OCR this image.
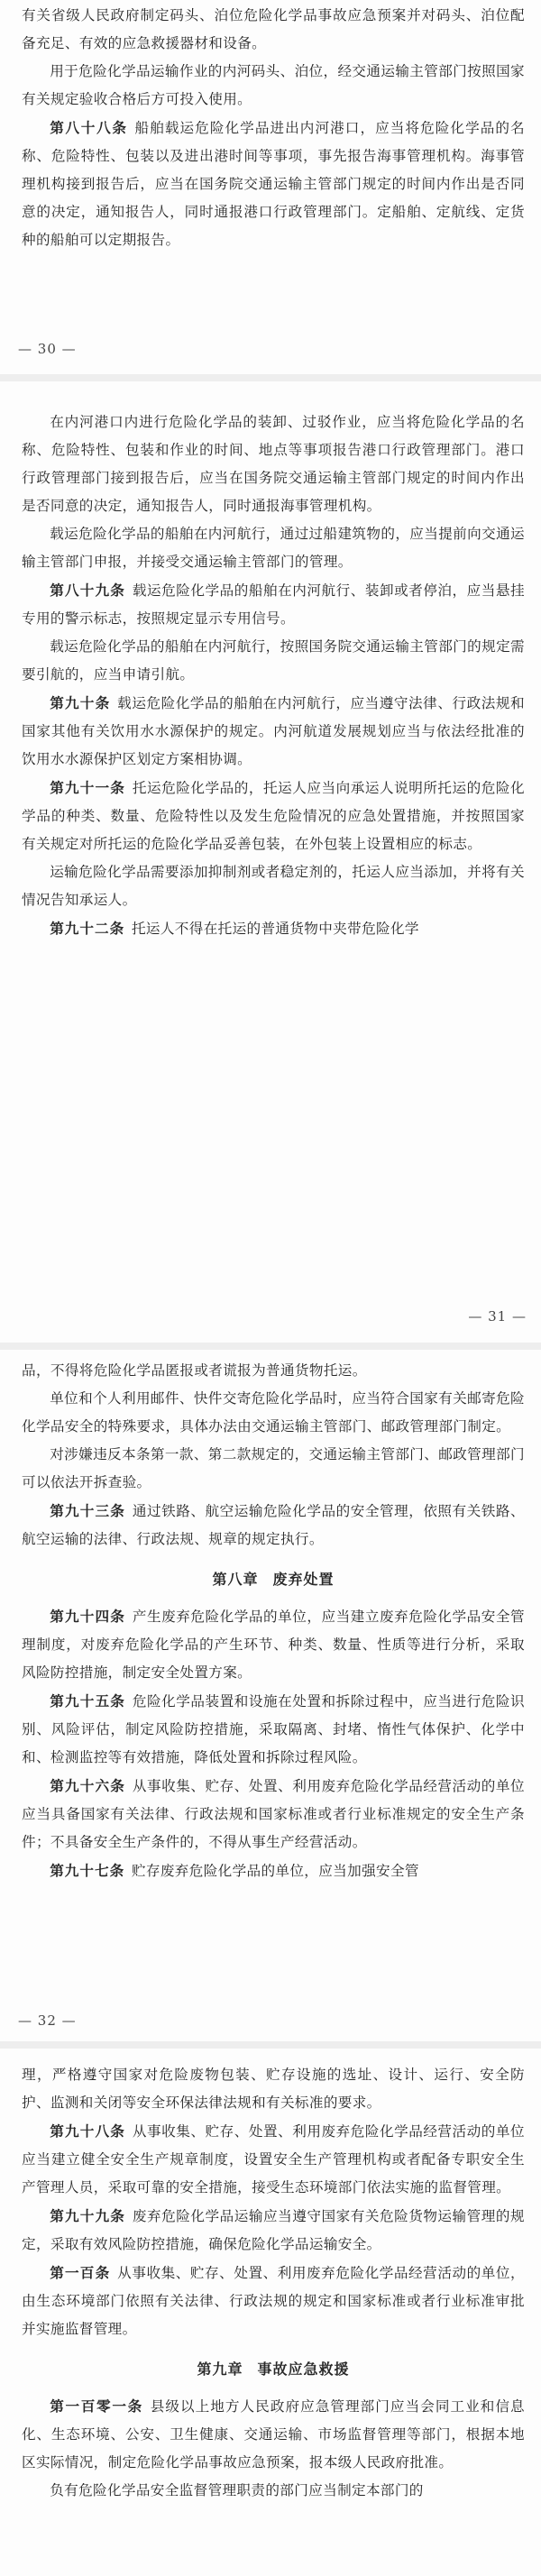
有关省级人民政府制定码头、泊位危险化学品事故应急预案并对码头、泊位配备充足、有效的应急救援器材和设备。

用于危险化学品运输作业的内河码头、泊位，经交通运输主管部门按照国家有关规定验收合格后方可投入使用。

第八十八条 船舶载运危险化学品进出内河港口，应当将危险化学品的名称、危险特性、包装以及进出港时间等事项，事先报告海事管理机构。海事管理机构接到报告后，应当在国务院交通运输主管部门规定的时间内作出是否同意的决定，通知报告人，同时通报港口行政管理部门。定船舶、定航线、定货种的船舶可以定期报告。

— 30 —

在内河港口内进行危险化学品的装卸、过驳作业，应当将危险化学品的名称、危险特性、包装和作业的时间、地点等事项报告港口行政管理部门。港口行政管理部门接到报告后，应当在国务院交通运输主管部门规定的时间内作出是否同意的决定，通知报告人，同时通报海事管理机构。

载运危险化学品的船舶在内河航行，通过过船建筑物的，应当提前向交通运输主管部门申报，并接受交通运输主管部门的管理。

第八十九条 载运危险化学品的船舶在内河航行、装卸或者停泊，应当悬挂专用的警示标志，按照规定显示专用信号。

载运危险化学品的船舶在内河航行，按照国务院交通运输主管部门的规定需要引航的，应当申请引航。

第九十条 载运危险化学品的船舶在内河航行，应当遵守法律、行政法规和国家其他有关饮用水水源保护的规定。内河航道发展规划应当与依法经批准的饮用水水源保护区划定方案相协调。

第九十一条 托运危险化学品的，托运人应当向承运人说明所托运的危险化学品的种类、数量、危险特性以及发生危险情况的应急处置措施，并按照国家有关规定对所托运的危险化学品妥善包装，在外包装上设置相应的标志。

运输危险化学品需要添加抑制剂或者稳定剂的，托运人应当添加，并将有关情况告知承运人。

第九十二条 托运人不得在托运的普通货物中夹带危险化学

— 31 —

品，不得将危险化学品匿报或者谎报为普通货物托运。

单位和个人利用邮件、快件交寄危险化学品时，应当符合国家有关邮寄危险化学品安全的特殊要求，具体办法由交通运输主管部门、邮政管理部门制定。

对涉嫌违反本条第一款、第二款规定的，交通运输主管部门、邮政管理部门可以依法开拆查验。

第九十三条 通过铁路、航空运输危险化学品的安全管理，依照有关铁路、航空运输的法律、行政法规、规章的规定执行。

第八章 废弃处置

第九十四条 产生废弃危险化学品的单位，应当建立废弃危险化学品安全管理制度，对废弃危险化学品的产生环节、种类、数量、性质等进行分析，采取风险防控措施，制定安全处置方案。

第九十五条 危险化学品装置和设施在处置和拆除过程中，应当进行危险识别、风险评估，制定风险防控措施，采取隔离、封堵、惰性气体保护、化学中和、检测监控等有效措施，降低处置和拆除过程风险。

第九十六条 从事收集、贮存、处置、利用废弃危险化学品经营活动的单位应当具备国家有关法律、行政法规和国家标准或者行业标准规定的安全生产条件；不具备安全生产条件的，不得从事生产经营活动。

第九十七条 贮存废弃危险化学品的单位，应当加强安全管

— 32 —

理，严格遵守国家对危险废物包装、贮存设施的选址、设计、运行、安全防护、监测和关闭等安全环保法律法规和有关标准的要求。

第九十八条 从事收集、贮存、处置、利用废弃危险化学品经营活动的单位应当建立健全安全生产规章制度，设置安全生产管理机构或者配备专职安全生产管理人员，采取可靠的安全措施，接受生态环境部门依法实施的监督管理。

第九十九条 废弃危险化学品运输应当遵守国家有关危险货物运输管理的规定，采取有效风险防控措施，确保危险化学品运输安全。

第一百条 从事收集、贮存、处置、利用废弃危险化学品经营活动的单位，由生态环境部门依照有关法律、行政法规的规定和国家标准或者行业标准审批并实施监督管理。

第九章 事故应急救援

第一百零一条 县级以上地方人民政府应急管理部门应当会同工业和信息化、生态环境、公安、卫生健康、交通运输、市场监督管理等部门，根据本地区实际情况，制定危险化学品事故应急预案，报本级人民政府批准。

负有危险化学品安全监督管理职责的部门应当制定本部门的
